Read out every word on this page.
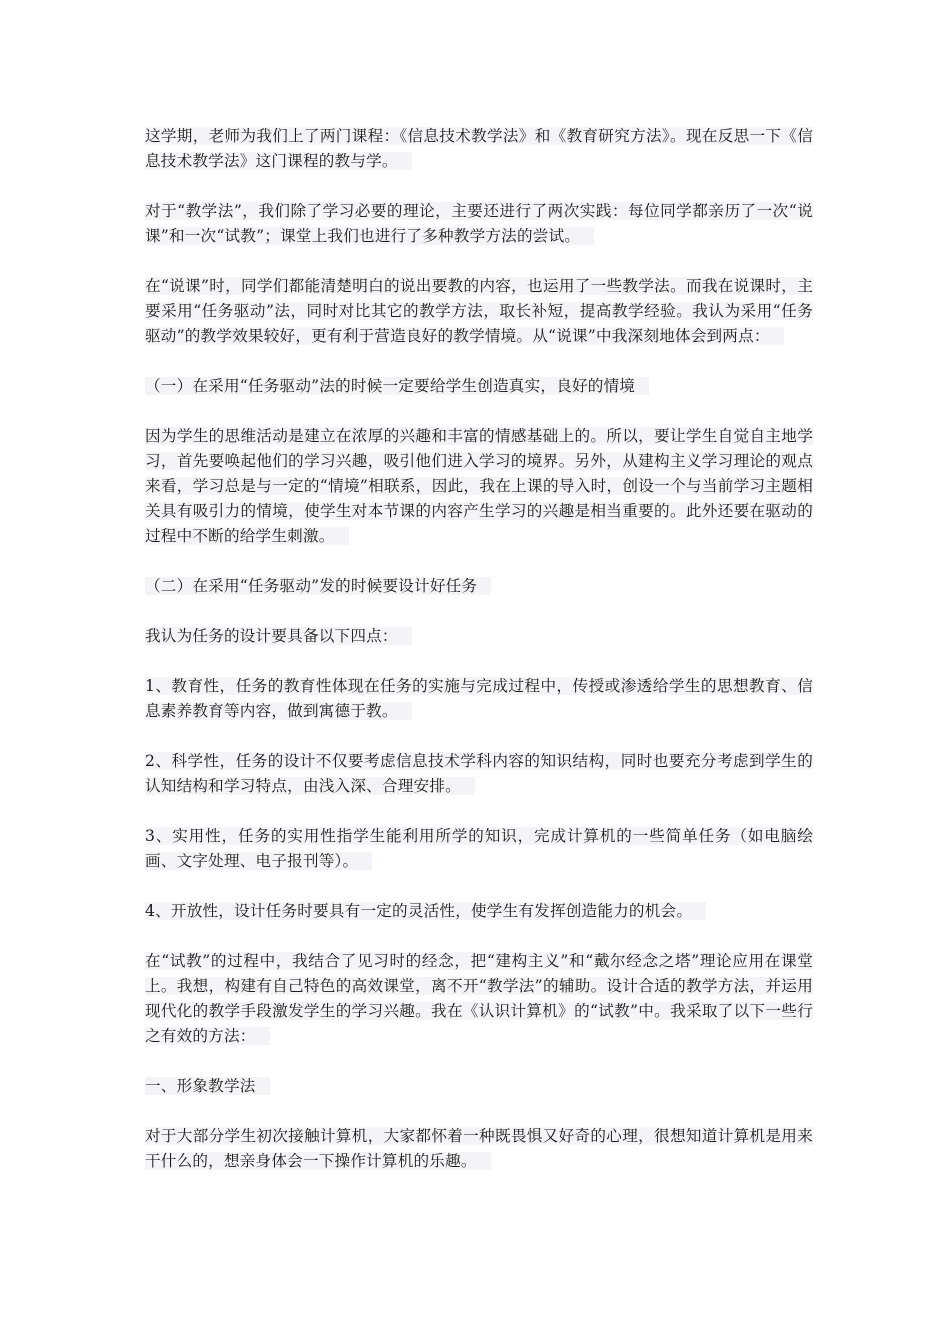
这学期，老师为我们上了两门课程：《信息技术教学法》和《教育研究方法》。现在反思一下《信息技术教学法》这门课程的教与学。

对于“教学法”，我们除了学习必要的理论，主要还进行了两次实践：每位同学都亲历了一次“说课”和一次“试教”；课堂上我们也进行了多种教学方法的尝试。

在“说课”时，同学们都能清楚明白的说出要教的内容，也运用了一些教学法。而我在说课时，主要采用“任务驱动”法，同时对比其它的教学方法，取长补短，提高教学经验。我认为采用“任务驱动”的教学效果较好，更有利于营造良好的教学情境。从“说课”中我深刻地体会到两点：

（一）在采用“任务驱动”法的时候一定要给学生创造真实，良好的情境

因为学生的思维活动是建立在浓厚的兴趣和丰富的情感基础上的。所以，要让学生自觉自主地学习，首先要唤起他们的学习兴趣，吸引他们进入学习的境界。另外，从建构主义学习理论的观点来看，学习总是与一定的“情境”相联系，因此，我在上课的导入时，创设一个与当前学习主题相关具有吸引力的情境，使学生对本节课的内容产生学习的兴趣是相当重要的。此外还要在驱动的过程中不断的给学生刺激。

（二）在采用“任务驱动”发的时候要设计好任务

我认为任务的设计要具备以下四点：

1、教育性，任务的教育性体现在任务的实施与完成过程中，传授或渗透给学生的思想教育、信息素养教育等内容，做到寓德于教。

2、科学性，任务的设计不仅要考虑信息技术学科内容的知识结构，同时也要充分考虑到学生的认知结构和学习特点，由浅入深、合理安排。

3、实用性，任务的实用性指学生能利用所学的知识，完成计算机的一些简单任务（如电脑绘画、文字处理、电子报刊等）。

4、开放性，设计任务时要具有一定的灵活性，使学生有发挥创造能力的机会。

在“试教”的过程中，我结合了见习时的经念，把“建构主义”和“戴尔经念之塔”理论应用在课堂上。我想，构建有自己特色的高效课堂，离不开“教学法”的辅助。设计合适的教学方法，并运用现代化的教学手段激发学生的学习兴趣。我在《认识计算机》的“试教”中。我采取了以下一些行之有效的方法：

一、形象教学法

对于大部分学生初次接触计算机，大家都怀着一种既畏惧又好奇的心理，很想知道计算机是用来干什么的，想亲身体会一下操作计算机的乐趣。
